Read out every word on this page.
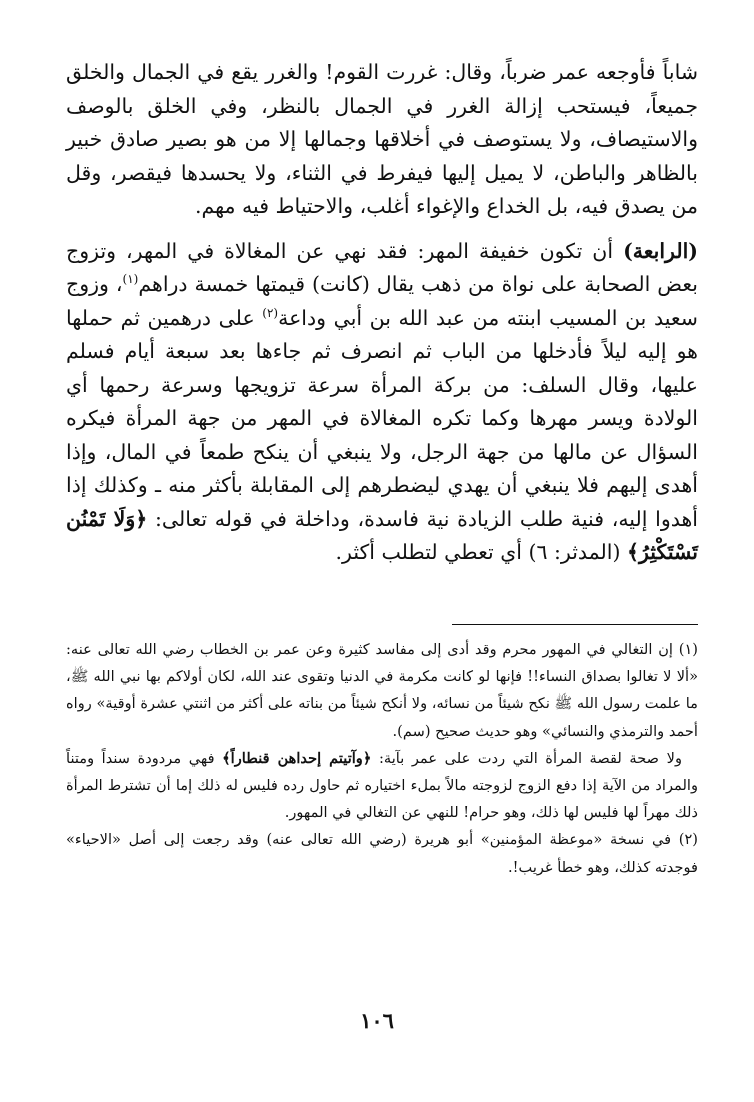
شاباً فأوجعه عمر ضرباً، وقال: غررت القوم! والغرر يقع في الجمال والخلق جميعاً، فيستحب إزالة الغرر في الجمال بالنظر، وفي الخلق بالوصف والاستيصاف، ولا يستوصف في أخلاقها وجمالها إلا من هو بصير صادق خبير بالظاهر والباطن، لا يميل إليها فيفرط في الثناء، ولا يحسدها فيقصر، وقل من يصدق فيه، بل الخداع والإغواء أغلب، والاحتياط فيه مهم.

(الرابعة) أن تكون خفيفة المهر: فقد نهي عن المغالاة في المهر، وتزوج بعض الصحابة على نواة من ذهب يقال (كانت) قيمتها خمسة دراهم$^{(١)}$، وزوج سعيد بن المسيب ابنته من عبد الله بن أبي وداعة$^{(٢)}$ على درهمين ثم حملها هو إليه ليلاً فأدخلها من الباب ثم انصرف ثم جاءها بعد سبعة أيام فسلم عليها، وقال السلف: من بركة المرأة سرعة تزويجها وسرعة رحمها أي الولادة ويسر مهرها وكما تكره المغالاة في المهر من جهة المرأة فيكره السؤال عن مالها من جهة الرجل، ولا ينبغي أن ينكح طمعاً في المال، وإذا أهدى إليهم فلا ينبغي أن يهدي ليضطرهم إلى المقابلة بأكثر منه ـ وكذلك إذا أهدوا إليه، فنية طلب الزيادة نية فاسدة، وداخلة في قوله تعالى: ﴿وَلَا تَمْنُن تَسْتَكْثِرُ﴾ (المدثر: ٦) أي تعطي لتطلب أكثر.

(١) إن التغالي في المهور محرم وقد أدى إلى مفاسد كثيرة وعن عمر بن الخطاب رضي الله تعالى عنه: «ألا لا تغالوا بصداق النساء!! فإنها لو كانت مكرمة في الدنيا وتقوى عند الله، لكان أولاكم بها نبي الله ﷺ، ما علمت رسول الله ﷺ نكح شيئاً من نسائه، ولا أنكح شيئاً من بناته على أكثر من اثنتي عشرة أوقية» رواه أحمد والترمذي والنسائي» وهو حديث صحيح (سم).

ولا صحة لقصة المرأة التي ردت على عمر بآية: ﴿وآتيتم إحداهن قنطاراً﴾ فهي مردودة سنداً ومتناً والمراد من الآية إذا دفع الزوج لزوجته مالاً بملء اختياره ثم حاول رده فليس له ذلك إما أن تشترط المرأة ذلك مهراً لها فليس لها ذلك، وهو حرام! للنهي عن التغالي في المهور.

(٢) في نسخة «موعظة المؤمنين» أبو هريرة (رضي الله تعالى عنه) وقد رجعت إلى أصل «الاحياء» فوجدته كذلك، وهو خطأ غريب!.

١٠٦
